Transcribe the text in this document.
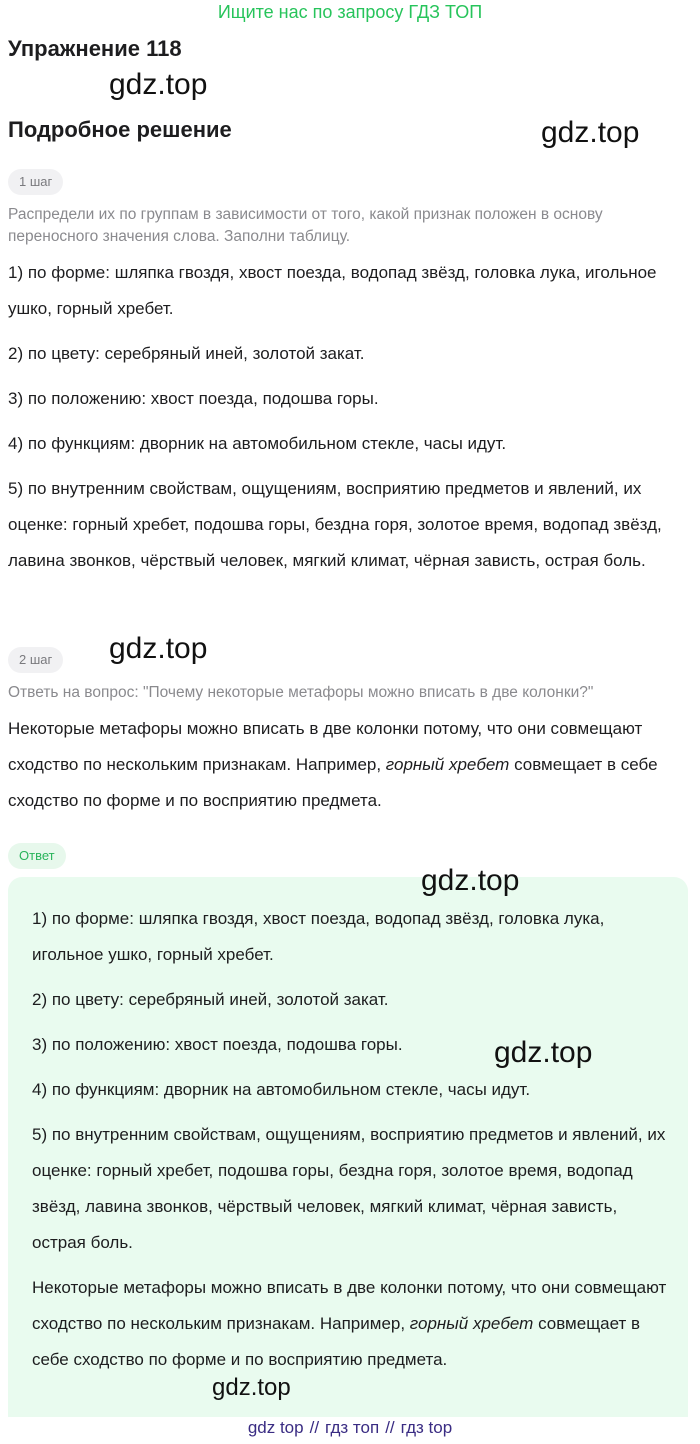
Ищите нас по запросу ГДЗ ТОП
Упражнение 118
gdz.top
Подробное решение	gdz.top
1 шаг
Распредели их по группам в зависимости от того, какой признак положен в основу переносного значения слова. Заполни таблицу.
1) по форме: шляпка гвоздя, хвост поезда, водопад звёзд, головка лука, игольное ушко, горный хребет.
2) по цвету: серебряный иней, золотой закат.
3) по положению: хвост поезда, подошва горы.
4) по функциям: дворник на автомобильном стекле, часы идут.
5) по внутренним свойствам, ощущениям, восприятию предметов и явлений, их оценке: горный хребет, подошва горы, бездна горя, золотое время, водопад звёзд, лавина звонков, чёрствый человек, мягкий климат, чёрная зависть, острая боль.
2 шаг	gdz.top
Ответь на вопрос: "Почему некоторые метафоры можно вписать в две колонки?"
Некоторые метафоры можно вписать в две колонки потому, что они совмещают сходство по нескольким признакам. Например, горный хребет совмещает в себе сходство по форме и по восприятию предмета.
Ответ
gdz.top
1) по форме: шляпка гвоздя, хвост поезда, водопад звёзд, головка лука, игольное ушко, горный хребет.
2) по цвету: серебряный иней, золотой закат.
3) по положению: хвост поезда, подошва горы.	gdz.top
4) по функциям: дворник на автомобильном стекле, часы идут.
5) по внутренним свойствам, ощущениям, восприятию предметов и явлений, их оценке: горный хребет, подошва горы, бездна горя, золотое время, водопад звёзд, лавина звонков, чёрствый человек, мягкий климат, чёрная зависть, острая боль.
Некоторые метафоры можно вписать в две колонки потому, что они совмещают сходство по нескольким признакам. Например, горный хребет совмещает в себе сходство по форме и по восприятию предмета.
gdz.top
gdz top // гдз топ // гдз top
